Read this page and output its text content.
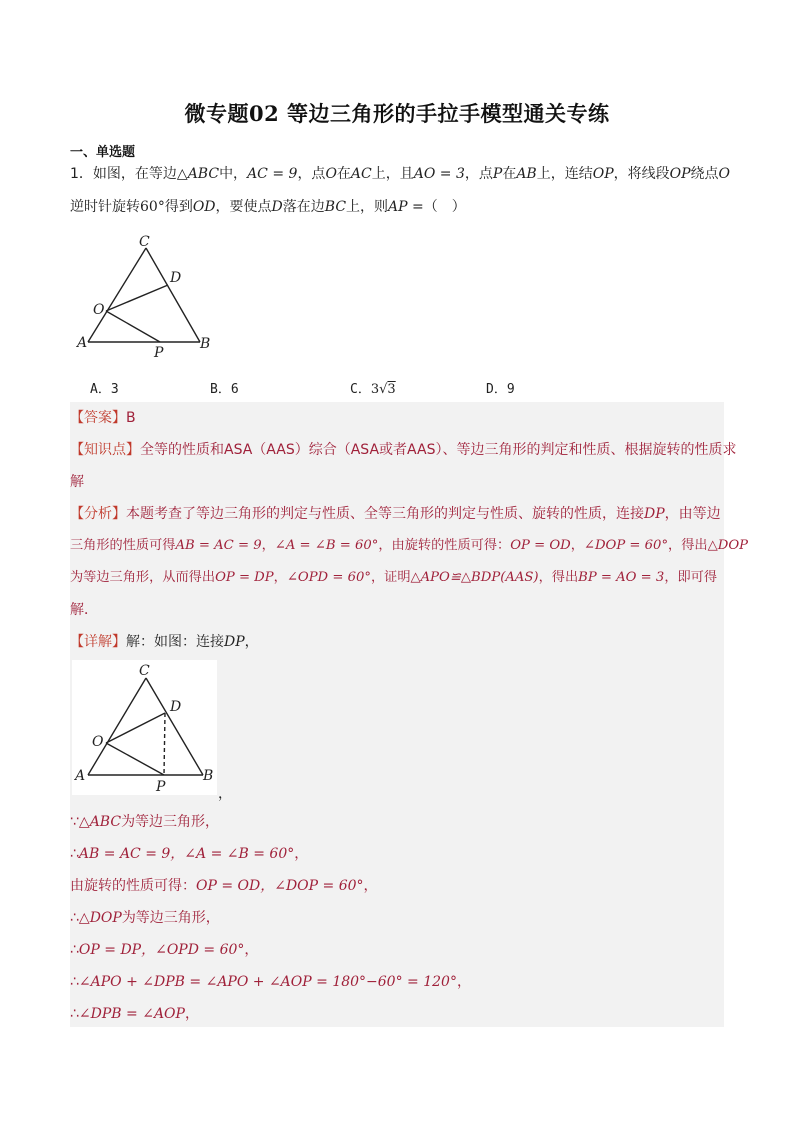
微专题02 等边三角形的手拉手模型通关专练
一、单选题
1．如图，在等边△ABC中，AC = 9，点O在AC上，且AO = 3，点P在AB上，连结OP，将线段OP绕点O
逆时针旋转60°得到OD，要使点D落在边BC上，则AP =（　）
C
D
O
A
P
B
A．3	B．6	C．3√3	D．9
【答案】B
【知识点】全等的性质和ASA（AAS）综合（ASA或者AAS）、等边三角形的判定和性质、根据旋转的性质求
解
【分析】本题考查了等边三角形的判定与性质、全等三角形的判定与性质、旋转的性质，连接DP，由等边
三角形的性质可得AB = AC = 9，∠A = ∠B = 60°，由旋转的性质可得：OP = OD，∠DOP = 60°，得出△DOP
为等边三角形，从而得出OP = DP，∠OPD = 60°，证明△APO≌△BDP(AAS)，得出BP = AO = 3，即可得
解．
【详解】解：如图：连接DP，
C
D
O
A
P
B
，
∵△ABC为等边三角形，
∴AB = AC = 9，∠A = ∠B = 60°，
由旋转的性质可得：OP = OD，∠DOP = 60°，
∴△DOP为等边三角形，
∴OP = DP，∠OPD = 60°，
∴∠APO + ∠DPB = ∠APO + ∠AOP = 180°−60° = 120°，
∴∠DPB = ∠AOP，
